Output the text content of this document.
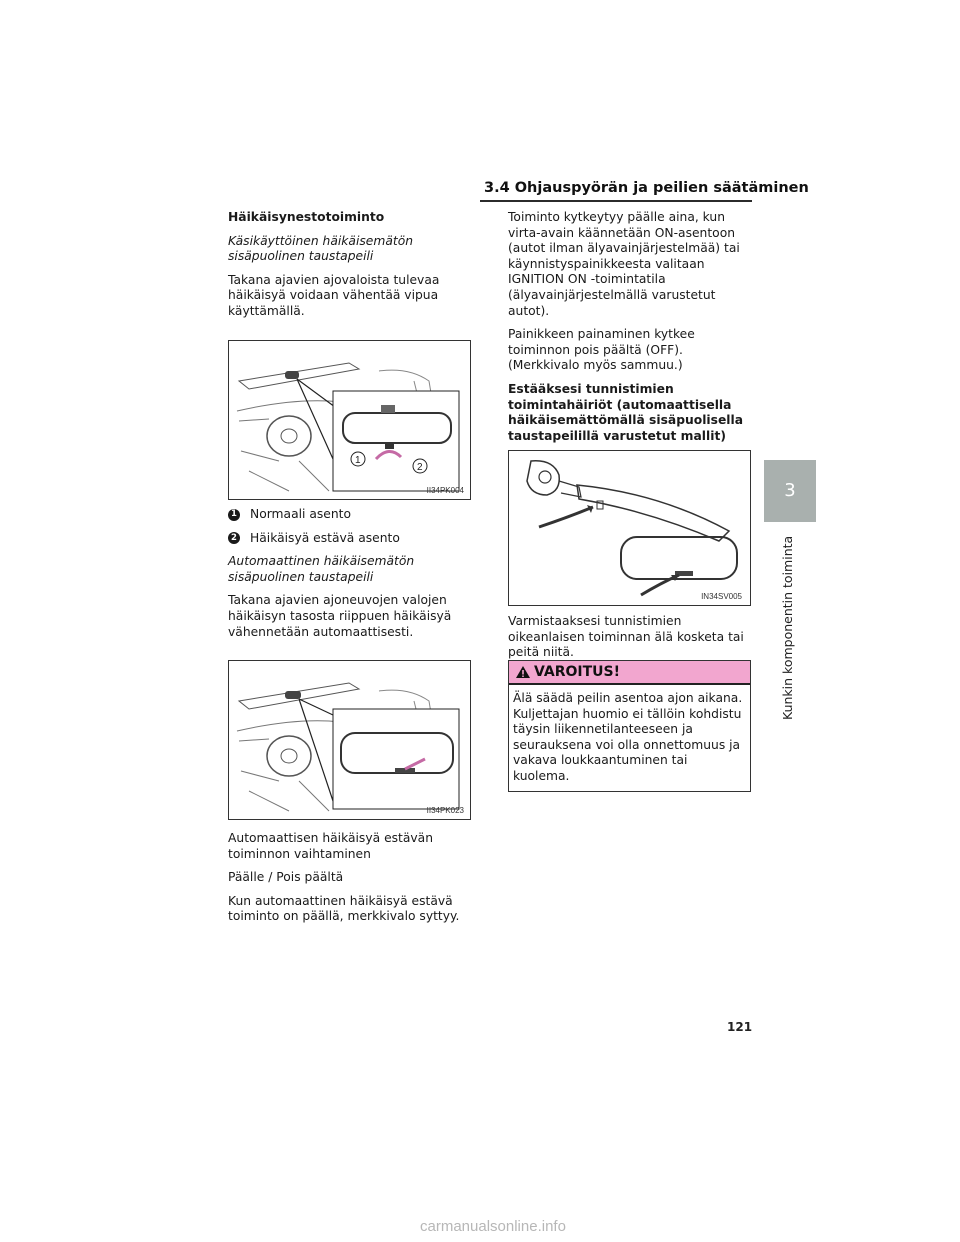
3.4 Ohjauspyörän ja peilien säätäminen

Häikäisynestotoiminto

Käsikäyttöinen häikäisemätön sisäpuolinen taustapeili

Takana ajavien ajovaloista tulevaa häikäisyä voidaan vähentää vipua käyttämällä.

1
2
II34PK004
1 Normaali asento
2 Häikäisyä estävä asento

Automaattinen häikäisemätön sisäpuolinen taustapeili

Takana ajavien ajoneuvojen valojen häikäisyn tasosta riippuen häikäisyä vähennetään automaattisesti.

II34PK023

Automaattisen häikäisyä estävän toiminnon vaihtaminen

Päälle / Pois päältä

Kun automaattinen häikäisyä estävä toiminto on päällä, merkkivalo syttyy.

Toiminto kytkeytyy päälle aina, kun virta-avain käännetään ON-asentoon (autot ilman älyavainjärjestelmää) tai käynnistyspainikkeesta valitaan IGNITION ON -toimintatila (älyavainjärjestelmällä varustetut autot).

Painikkeen painaminen kytkee toiminnon pois päältä (OFF). (Merkkivalo myös sammuu.)

Estääksesi tunnistimien toimintahäiriöt (automaattisella häikäisemättömällä sisäpuolisella taustapeilillä varustetut mallit)

IN34SV005

Varmistaaksesi tunnistimien oikeanlaisen toiminnan älä kosketa tai peitä niitä.

VAROITUS!
Älä säädä peilin asentoa ajon aikana. Kuljettajan huomio ei tällöin kohdistu täysin liikennetilanteeseen ja seurauksena voi olla onnettomuus ja vakava loukkaantuminen tai kuolema.
3
Kunkin komponentin toiminta
121
carmanualsonline.info
